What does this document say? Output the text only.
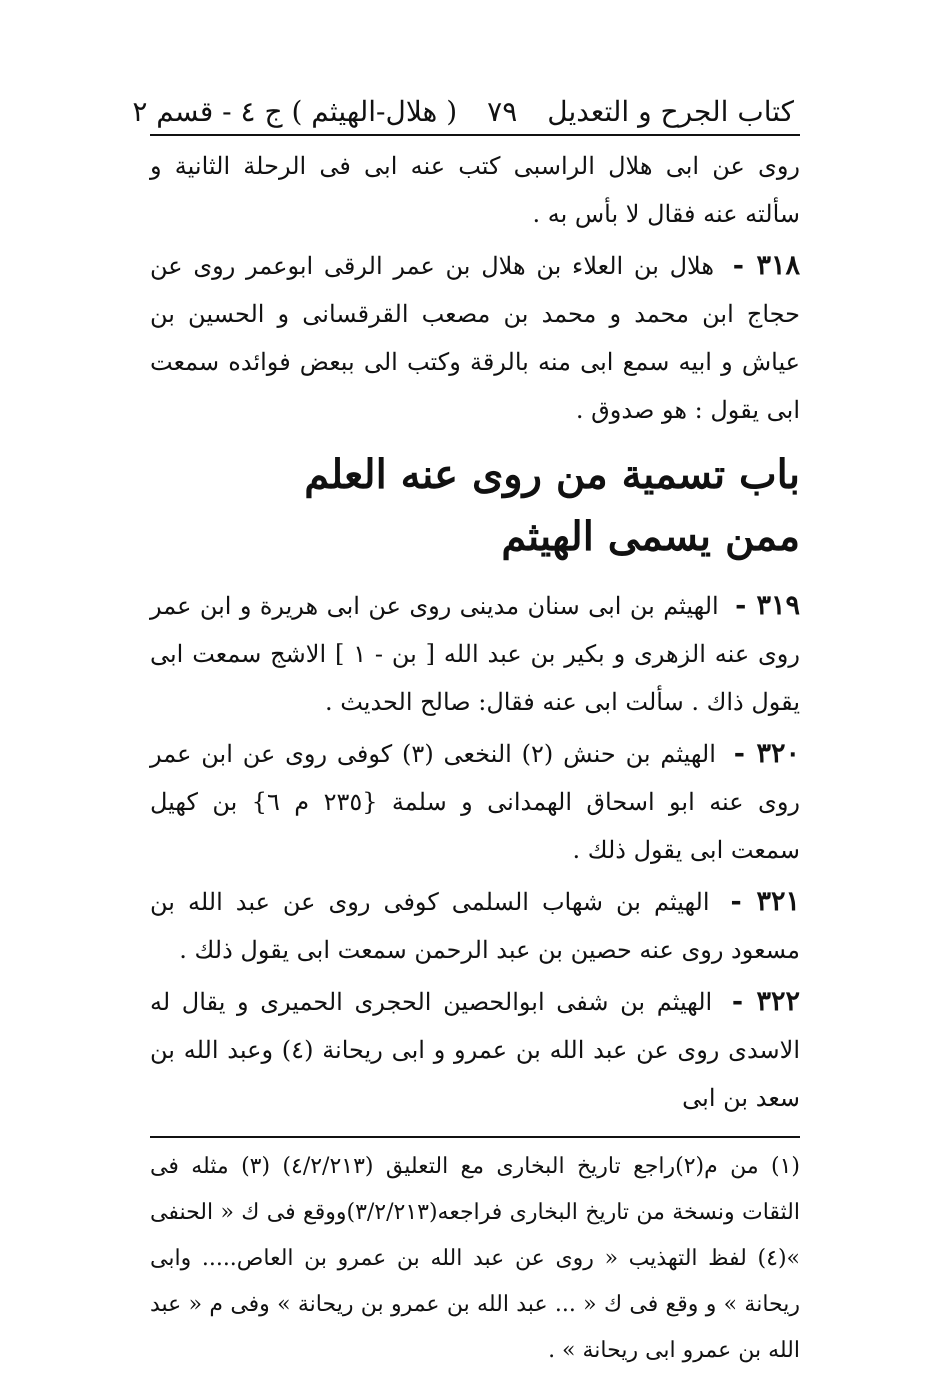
كتاب الجرح و التعديل
٧٩
( هلال-الهيثم ) ج ٤ - قسم ٢

روى عن ابى هلال الراسبى كتب عنه ابى فى الرحلة الثانية و سألته عنه فقال لا بأس به .

٣١٨ - هلال بن العلاء بن هلال بن عمر الرقى ابوعمر روى عن حجاج ابن محمد و محمد بن مصعب القرقسانى و الحسين بن عياش و ابيه سمع ابى منه بالرقة وكتب الى ببعض فوائده سمعت ابى يقول : هو صدوق .

باب تسمية من روى عنه العلم
ممن يسمى الهيثم

٣١٩ - الهيثم بن ابى سنان مدينى روى عن ابى هريرة و ابن عمر روى عنه الزهرى و بكير بن عبد الله [ بن - ١ ] الاشج سمعت ابى يقول ذاك . سألت ابى عنه فقال: صالح الحديث .

٣٢٠ - الهيثم بن حنش (٢) النخعى (٣) كوفى روى عن ابن عمر روى عنه ابو اسحاق الهمدانى و سلمة {٢٣٥ م ٦} بن كهيل سمعت ابى يقول ذلك .

٣٢١ - الهيثم بن شهاب السلمى كوفى روى عن عبد الله بن مسعود روى عنه حصين بن عبد الرحمن سمعت ابى يقول ذلك .

٣٢٢ - الهيثم بن شفى ابوالحصين الحجرى الحميرى و يقال له الاسدى روى عن عبد الله بن عمرو و ابى ريحانة (٤) وعبد الله بن سعد بن ابى

(١) من م(٢)راجع تاريخ البخارى مع التعليق (٤/٢/٢١٣) (٣) مثله فى الثقات ونسخة من تاريخ البخارى فراجعه(٣/٢/٢١٣)ووقع فى ك « الحنفى »(٤) لفظ التهذيب « روى عن عبد الله بن عمرو بن العاص..... وابى ريحانة » و وقع فى ك « ... عبد الله بن عمرو بن ريحانة » وفى م « عبد الله بن عمرو ابى ريحانة » .
